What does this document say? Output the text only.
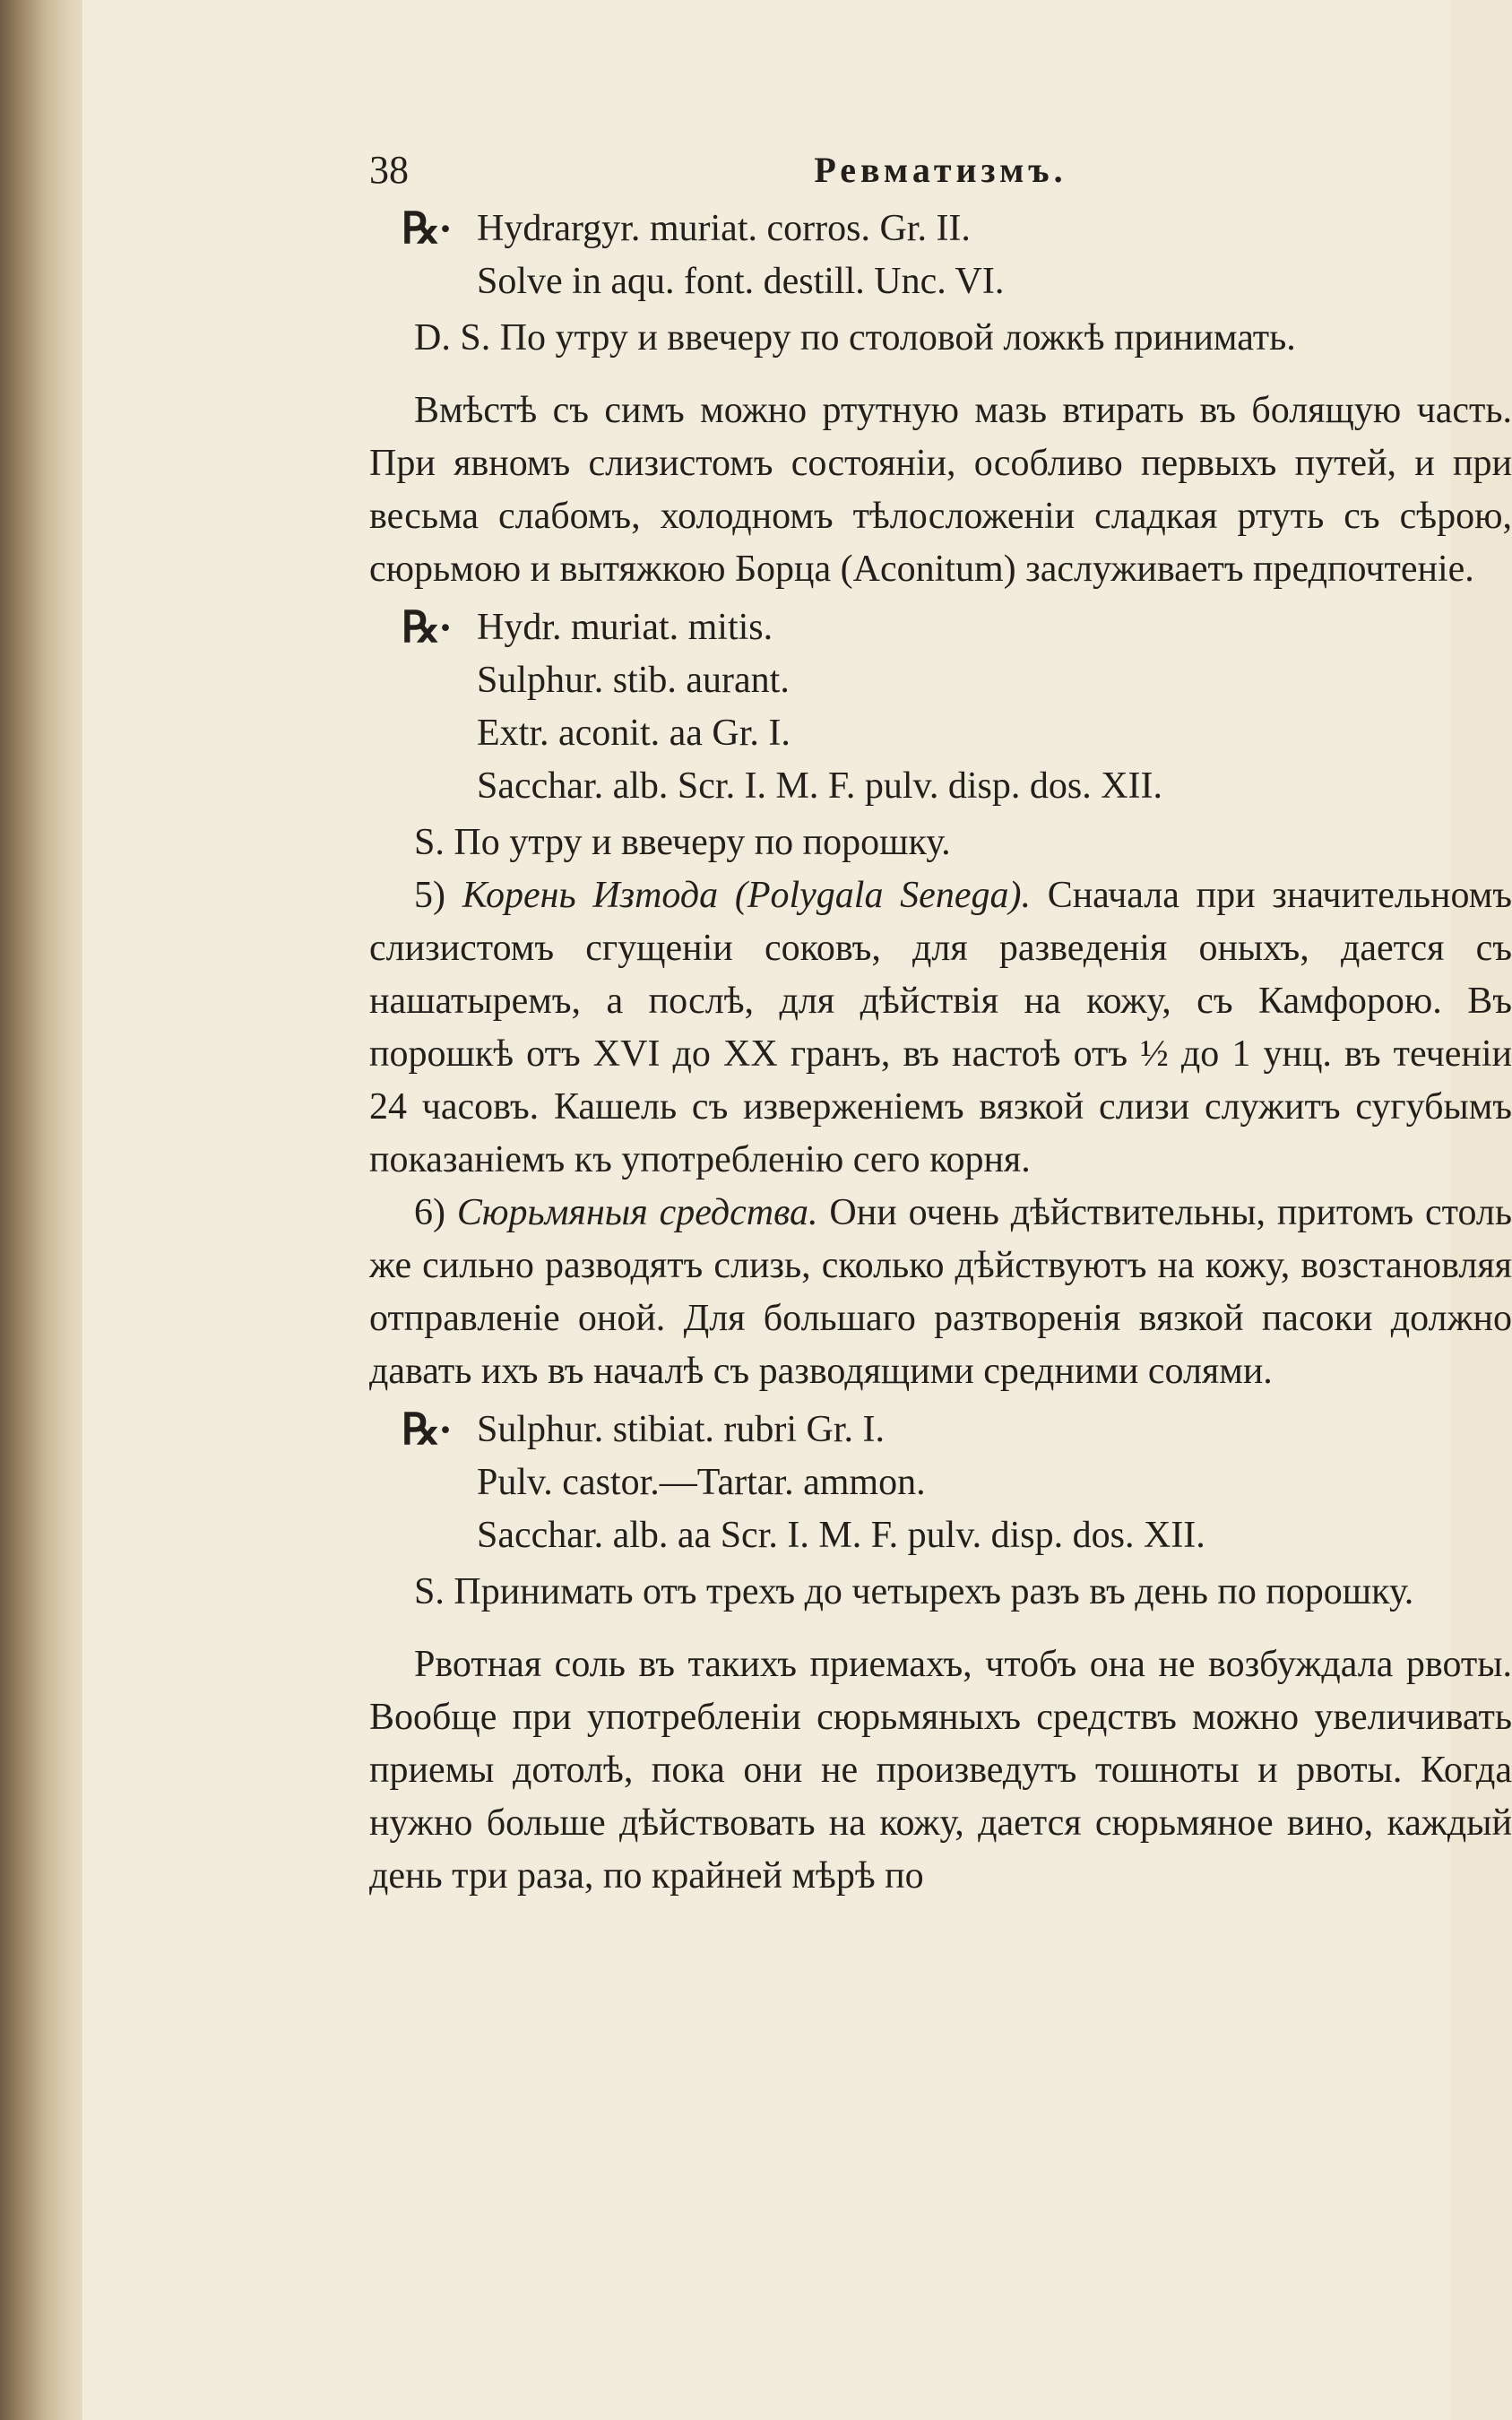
38	Ревматизмъ.
℞· Hydrargyr. muriat. corros. Gr. II.
Solve in aqu. font. destill. Unc. VI.

D. S. По утру и ввечеру по столовой ложкѣ принимать.

Вмѣстѣ съ симъ можно ртутную мазь втирать въ болящую часть. При явномъ слизистомъ состояніи, особливо первыхъ путей, и при весьма слабомъ, холодномъ тѣлосложеніи сладкая ртуть съ сѣрою, сюрьмою и вытяжкою Борца (Aconitum) заслуживаетъ предпочтеніе.

℞· Hydr. muriat. mitis.
Sulphur. stib. aurant.
Extr. aconit. aa Gr. I.
Sacchar. alb. Scr. I. M. F. pulv. disp. dos. XII.

S. По утру и ввечеру по порошку.

5) Корень Изтода (Polygala Senega). Сначала при значительномъ слизистомъ сгущеніи соковъ, для разведенія оныхъ, дается съ нашатыремъ, а послѣ, для дѣйствія на кожу, съ Камфорою. Въ порошкѣ отъ XVI до XX гранъ, въ настоѣ отъ ½ до 1 унц. въ теченіи 24 часовъ. Кашель съ изверженіемъ вязкой слизи служитъ сугубымъ показаніемъ къ употребленію сего корня.

6) Сюрьмяныя средства. Они очень дѣйствительны, притомъ столь же сильно разводятъ слизь, сколько дѣйствуютъ на кожу, возстановляя отправленіе оной. Для большаго разтворенія вязкой пасоки должно давать ихъ въ началѣ съ разводящими средними солями.

℞· Sulphur. stibiat. rubri Gr. I.
Pulv. castor.—Tartar. ammon.
Sacchar. alb. aa Scr. I. M. F. pulv. disp. dos. XII.

S. Принимать отъ трехъ до четырехъ разъ въ день по порошку.

Рвотная соль въ такихъ приемахъ, чтобъ она не возбуждала рвоты. Вообще при употребленіи сюрьмяныхъ средствъ можно увеличивать приемы дотолѣ, пока они не произведутъ тошноты и рвоты. Когда нужно больше дѣйствовать на кожу, дается сюрьмяное вино, каждый день три раза, по крайней мѣрѣ по
